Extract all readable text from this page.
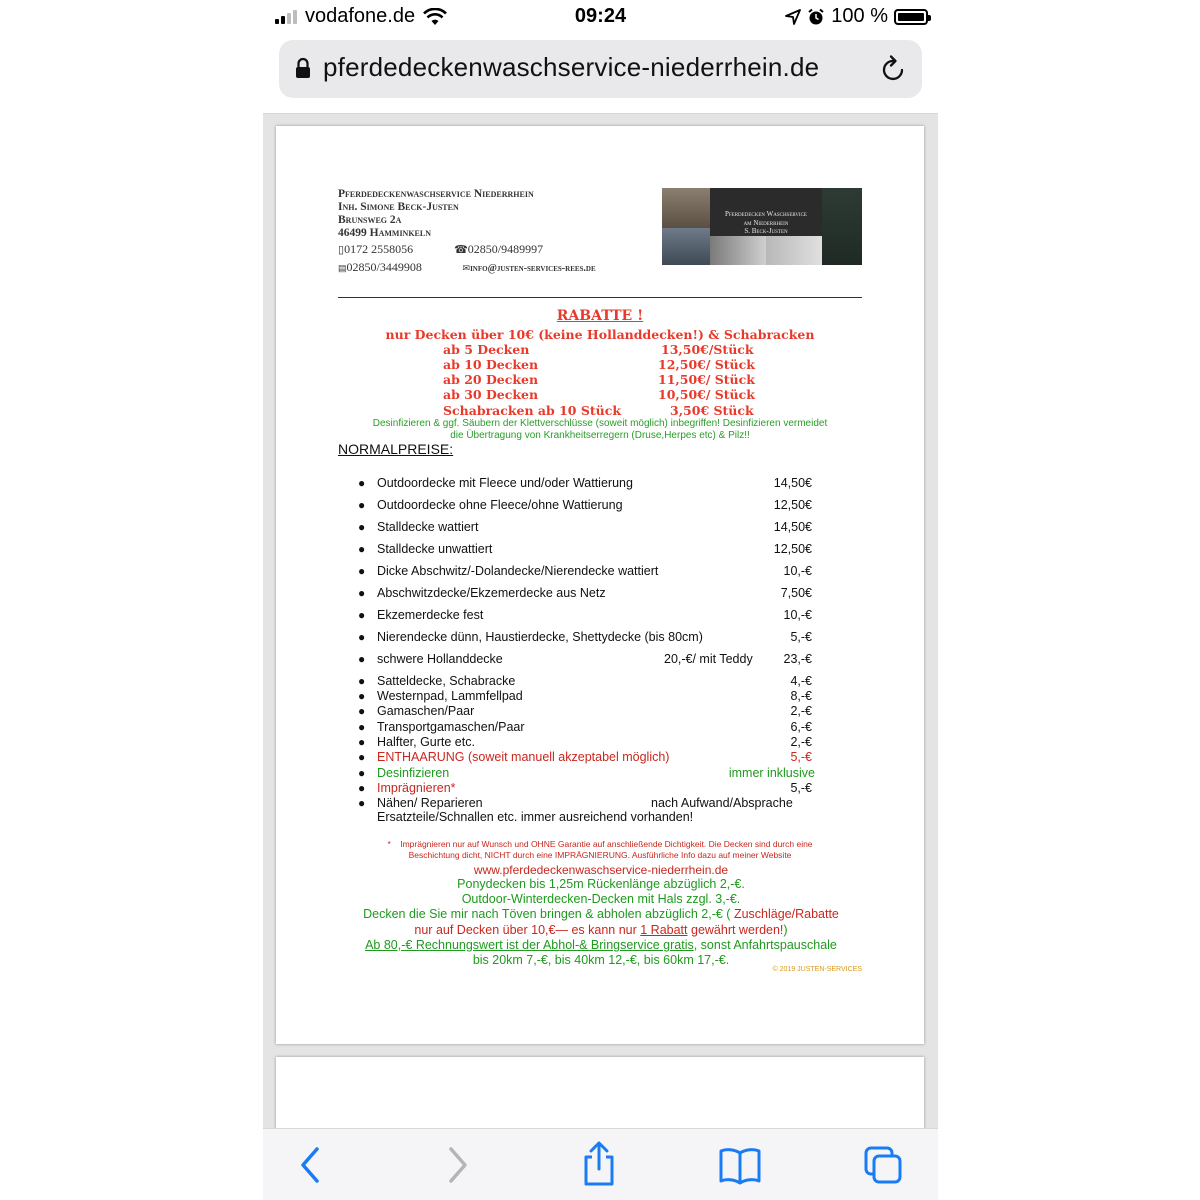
vodafone.de	09:24	100 %
pferdedeckenwaschservice-niederrhein.de
Pferdedeckenwaschservice Niederrhein
Inh. Simone Beck-Justen
Brunsweg 2a
46499 Hamminkeln
▯0172 2558056	☎02850/9489997
▤02850/3449908	✉info@justen-services-rees.de
Pferdedecken Waschservice
am Niederrhein
S. Beck-Justen
RABATTE !
nur Decken über 10€ (keine Hollanddecken!) & Schabracken
ab 5 Decken	13,50€/Stück
ab 10 Decken	12,50€/ Stück
ab 20 Decken	11,50€/ Stück
ab 30 Decken	10,50€/ Stück
Schabracken ab 10 Stück	3,50€ Stück
Desinfizieren & ggf. Säubern der Klettverschlüsse (soweit möglich) inbegriffen! Desinfizieren vermeidet
die Übertragung von Krankheitserregern (Druse,Herpes etc) & Pilz!!
NORMALPREISE:
● Outdoordecke mit Fleece und/oder Wattierung	14,50€
● Outdoordecke ohne Fleece/ohne Wattierung	12,50€
● Stalldecke wattiert	14,50€
● Stalldecke unwattiert	12,50€
● Dicke Abschwitz/-Dolandecke/Nierendecke wattiert	10,-€
● Abschwitzdecke/Ekzemerdecke aus Netz	7,50€
● Ekzemerdecke fest	10,-€
● Nierendecke dünn, Haustierdecke, Shettydecke (bis 80cm)	5,-€
● schwere Hollanddecke	20,-€/ mit Teddy 23,-€
● Satteldecke, Schabracke	4,-€
● Westernpad, Lammfellpad	8,-€
● Gamaschen/Paar	2,-€
● Transportgamaschen/Paar	6,-€
● Halfter, Gurte etc.	2,-€
● ENTHAARUNG (soweit manuell akzeptabel möglich)	5,-€
● Desinfizieren	immer inklusive
● Imprägnieren*	5,-€
● Nähen/ Reparieren	nach Aufwand/Absprache
Ersatzteile/Schnallen etc. immer ausreichend vorhanden!
* Imprägnieren nur auf Wunsch und OHNE Garantie auf anschließende Dichtigkeit. Die Decken sind durch eine
Beschichtung dicht, NICHT durch eine IMPRÄGNIERUNG. Ausführliche Info dazu auf meiner Website
www.pferdedeckenwaschservice-niederrhein.de
Ponydecken bis 1,25m Rückenlänge abzüglich 2,-€.
Outdoor-Winterdecken-Decken mit Hals zzgl. 3,-€.
Decken die Sie mir nach Töven bringen & abholen abzüglich 2,-€ ( Zuschläge/Rabatte
nur auf Decken über 10,€— es kann nur 1 Rabatt gewährt werden!)
Ab 80,-€ Rechnungswert ist der Abhol-& Bringservice gratis, sonst Anfahrtspauschale
bis 20km 7,-€, bis 40km 12,-€, bis 60km 17,-€.
© 2019 JUSTEN-SERVICES
